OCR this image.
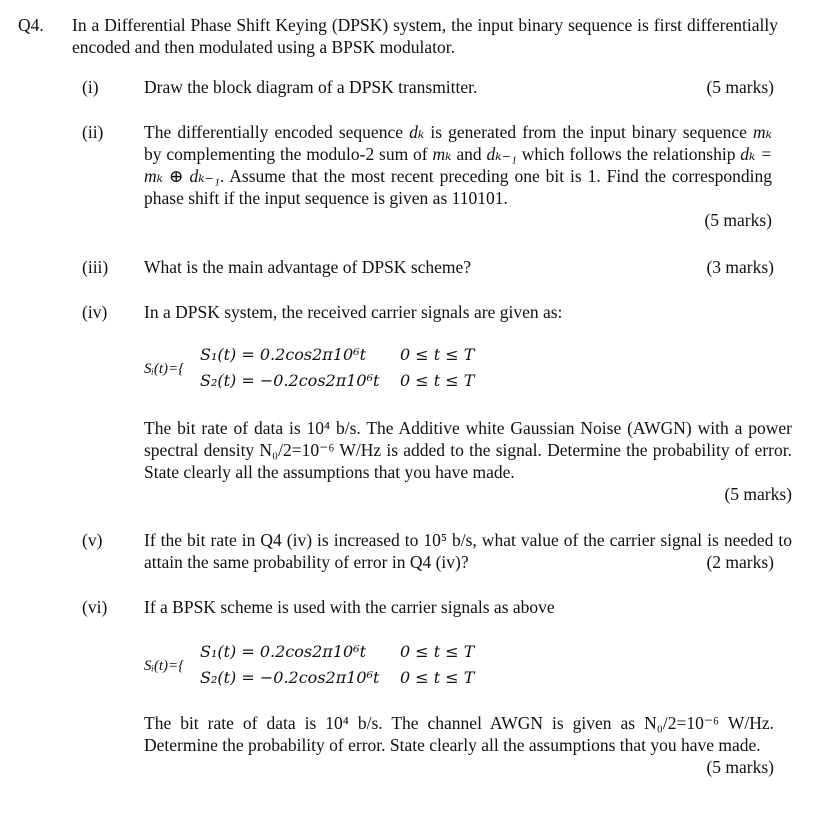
Q4. In a Differential Phase Shift Keying (DPSK) system, the input binary sequence is first differentially encoded and then modulated using a BPSK modulator.
(i)	Draw the block diagram of a DPSK transmitter.	(5 marks)
(ii) The differentially encoded sequence dₖ is generated from the input binary sequence mₖ by complementing the modulo-2 sum of mₖ and dₖ₋₁ which follows the relationship dₖ = mₖ ⊕ dₖ₋₁. Assume that the most recent preceding one bit is 1. Find the corresponding phase shift if the input sequence is given as 110101.
(5 marks)
(iii) What is the main advantage of DPSK scheme?	(3 marks)
(iv) In a DPSK system, the received carrier signals are given as:
Sᵢ(t)={
S₁(t) = 0.2cos2π10⁶t 0 ≤ t ≤ T
S₂(t) = −0.2cos2π10⁶t 0 ≤ t ≤ T
The bit rate of data is 10⁴ b/s. The Additive white Gaussian Noise (AWGN) with a power spectral density N₀/2=10⁻⁶ W/Hz is added to the signal. Determine the probability of error. State clearly all the assumptions that you have made.
(5 marks)
(v) If the bit rate in Q4 (iv) is increased to 10⁵ b/s, what value of the carrier signal is needed to attain the same probability of error in Q4 (iv)?	(2 marks)
(vi) If a BPSK scheme is used with the carrier signals as above
Sᵢ(t)={
S₁(t) = 0.2cos2π10⁶t 0 ≤ t ≤ T
S₂(t) = −0.2cos2π10⁶t 0 ≤ t ≤ T
The bit rate of data is 10⁴ b/s. The channel AWGN is given as N₀/2=10⁻⁶ W/Hz. Determine the probability of error. State clearly all the assumptions that you have made.
(5 marks)
